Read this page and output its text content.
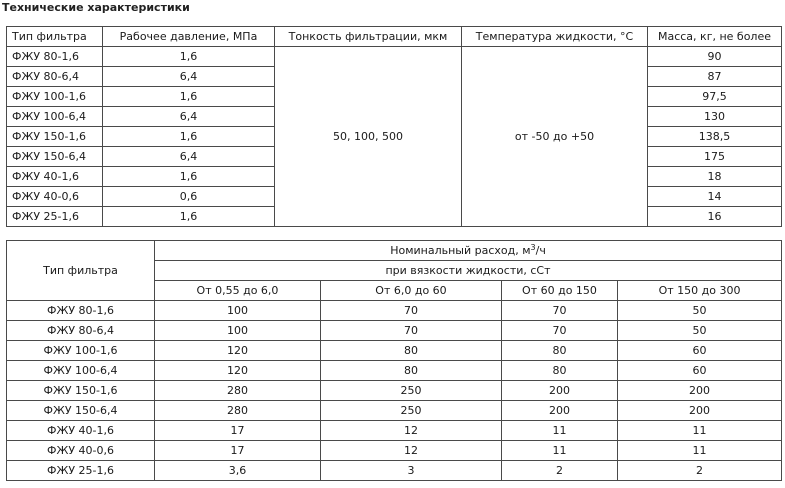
Технические характеристики
Тип фильтра	Рабочее давление, МПа	Тонкость фильтрации, мкм	Температура жидкости, °С	Масса, кг, не более
ФЖУ 80-1,6	1,6	50, 100, 500	от -50 до +50	90
ФЖУ 80-6,4	6,4			87
ФЖУ 100-1,6	1,6			97,5
ФЖУ 100-6,4	6,4			130
ФЖУ 150-1,6	1,6			138,5
ФЖУ 150-6,4	6,4			175
ФЖУ 40-1,6	1,6			18
ФЖУ 40-0,6	0,6			14
ФЖУ 25-1,6	1,6			16
Тип фильтра	Номинальный расход, $м^3/ч$			
	при вязкости жидкости, сСт			
	От 0,55 до 6,0	От 6,0 до 60	От 60 до 150	От 150 до 300
ФЖУ 80-1,6	100	70	70	50
ФЖУ 80-6,4	100	70	70	50
ФЖУ 100-1,6	120	80	80	60
ФЖУ 100-6,4	120	80	80	60
ФЖУ 150-1,6	280	250	200	200
ФЖУ 150-6,4	280	250	200	200
ФЖУ 40-1,6	17	12	11	11
ФЖУ 40-0,6	17	12	11	11
ФЖУ 25-1,6	3,6	3	2	2
